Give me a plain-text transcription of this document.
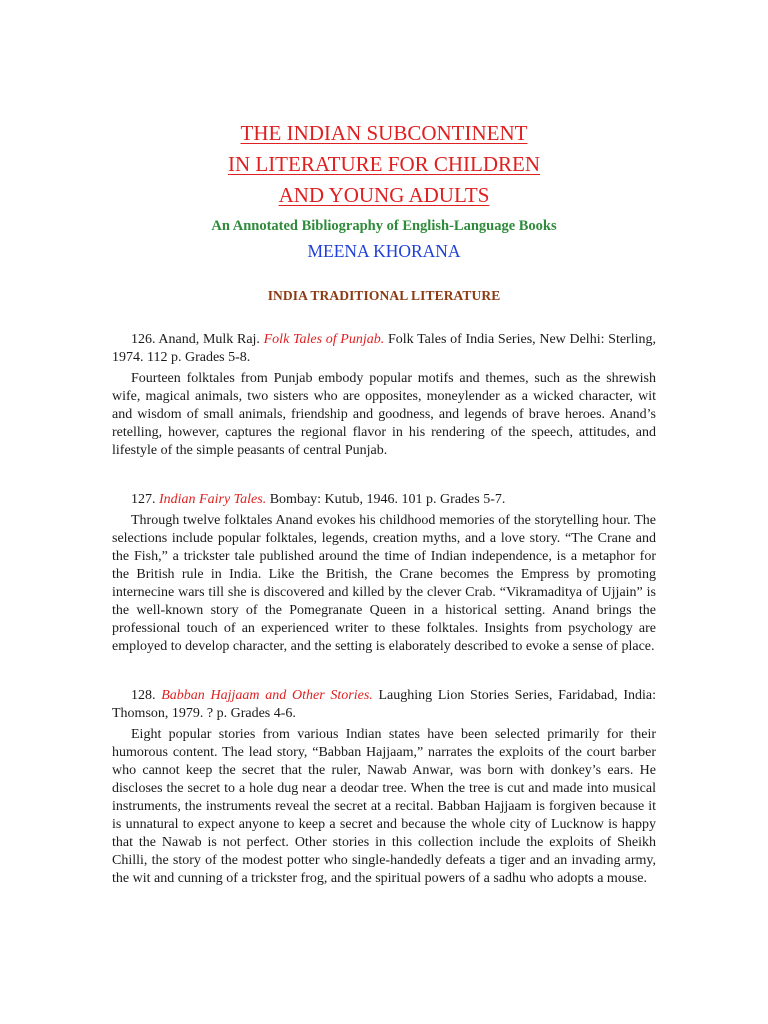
THE INDIAN SUBCONTINENT
IN LITERATURE FOR CHILDREN
AND YOUNG ADULTS
An Annotated Bibliography of English-Language Books
MEENA KHORANA
INDIA TRADITIONAL LITERATURE
126. Anand, Mulk Raj. Folk Tales of Punjab. Folk Tales of India Series, New Delhi: Sterling, 1974. 112 p. Grades 5-8.
Fourteen folktales from Punjab embody popular motifs and themes, such as the shrewish wife, magical animals, two sisters who are opposites, moneylender as a wicked character, wit and wisdom of small animals, friendship and goodness, and legends of brave heroes. Anand’s retelling, however, captures the regional flavor in his rendering of the speech, attitudes, and lifestyle of the simple peasants of central Punjab.
127. Indian Fairy Tales. Bombay: Kutub, 1946. 101 p. Grades 5-7.
Through twelve folktales Anand evokes his childhood memories of the storytelling hour. The selections include popular folktales, legends, creation myths, and a love story. “The Crane and the Fish,” a trickster tale published around the time of Indian independence, is a metaphor for the British rule in India. Like the British, the Crane becomes the Empress by promoting internecine wars till she is discovered and killed by the clever Crab. “Vikramaditya of Ujjain” is the well-known story of the Pomegranate Queen in a historical setting. Anand brings the professional touch of an experienced writer to these folktales. Insights from psychology are employed to develop character, and the setting is elaborately described to evoke a sense of place.
128. Babban Hajjaam and Other Stories. Laughing Lion Stories Series, Faridabad, India: Thomson, 1979. ? p. Grades 4-6.
Eight popular stories from various Indian states have been selected primarily for their humorous content. The lead story, “Babban Hajjaam,” narrates the exploits of the court barber who cannot keep the secret that the ruler, Nawab Anwar, was born with donkey’s ears. He discloses the secret to a hole dug near a deodar tree. When the tree is cut and made into musical instruments, the instruments reveal the secret at a recital. Babban Hajjaam is forgiven because it is unnatural to expect anyone to keep a secret and because the whole city of Lucknow is happy that the Nawab is not perfect. Other stories in this collection include the exploits of Sheikh Chilli, the story of the modest potter who single-handedly defeats a tiger and an invading army, the wit and cunning of a trickster frog, and the spiritual powers of a sadhu who adopts a mouse.
